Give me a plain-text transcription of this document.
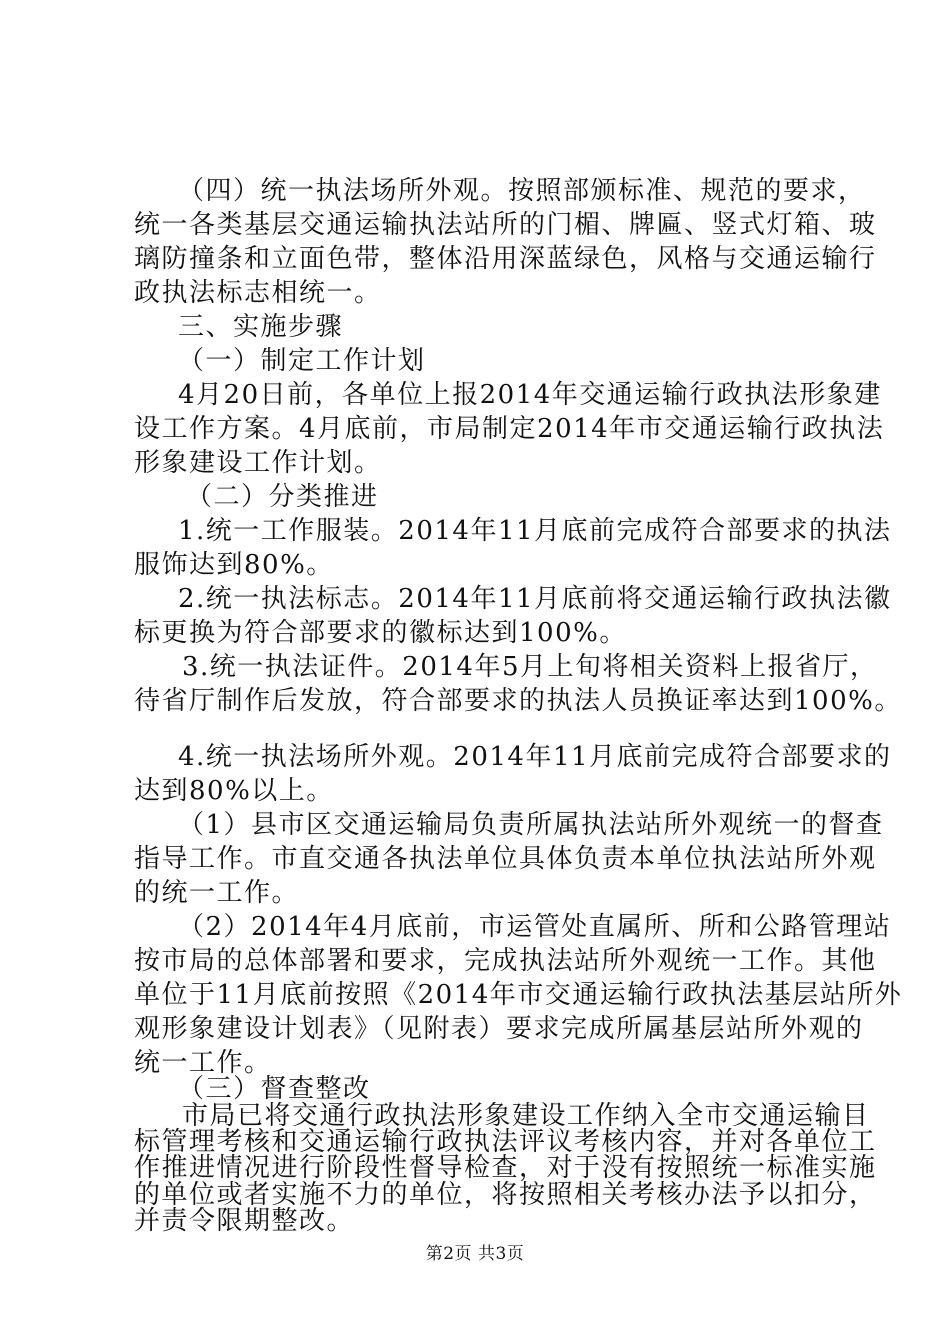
（四）统一执法场所外观。按照部颁标准、规范的要求，
统一各类基层交通运输执法站所的门楣、牌匾、竖式灯箱、玻
璃防撞条和立面色带，整体沿用深蓝绿色，风格与交通运输行
政执法标志相统一。
三、实施步骤
（一）制定工作计划
4月20日前，各单位上报2014年交通运输行政执法形象建
设工作方案。4月底前，市局制定2014年市交通运输行政执法
形象建设工作计划。
（二）分类推进
1.统一工作服装。2014年11月底前完成符合部要求的执法
服饰达到80%。
2.统一执法标志。2014年11月底前将交通运输行政执法徽
标更换为符合部要求的徽标达到100%。
3.统一执法证件。2014年5月上旬将相关资料上报省厅，
待省厅制作后发放，符合部要求的执法人员换证率达到100%。
4.统一执法场所外观。2014年11月底前完成符合部要求的
达到80%以上。
（1）县市区交通运输局负责所属执法站所外观统一的督查
指导工作。市直交通各执法单位具体负责本单位执法站所外观
的统一工作。
（2）2014年4月底前，市运管处直属所、所和公路管理站
按市局的总体部署和要求，完成执法站所外观统一工作。其他
单位于11月底前按照《2014年市交通运输行政执法基层站所外
观形象建设计划表》（见附表）要求完成所属基层站所外观的
统一工作。
（三）督查整改
市局已将交通行政执法形象建设工作纳入全市交通运输目
标管理考核和交通运输行政执法评议考核内容，并对各单位工
作推进情况进行阶段性督导检查，对于没有按照统一标准实施
的单位或者实施不力的单位，将按照相关考核办法予以扣分，
并责令限期整改。
第2页 共3页
